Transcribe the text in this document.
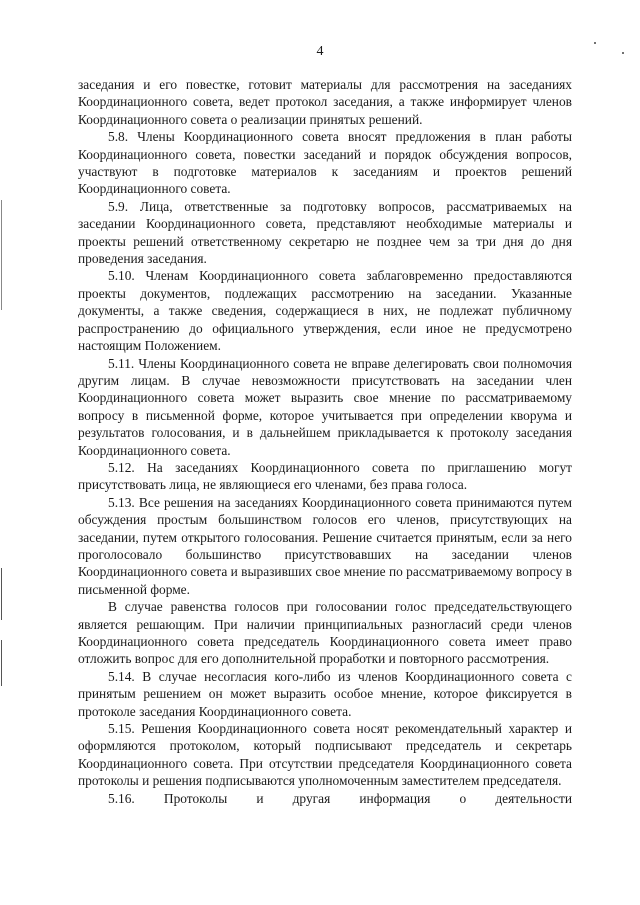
4

заседания и его повестке, готовит материалы для рассмотрения на заседаниях Координационного совета, ведет протокол заседания, а также информирует членов Координационного совета о реализации принятых решений.

5.8. Члены Координационного совета вносят предложения в план работы Координационного совета, повестки заседаний и порядок обсуждения вопросов, участвуют в подготовке материалов к заседаниям и проектов решений Координационного совета.

5.9. Лица, ответственные за подготовку вопросов, рассматриваемых на заседании Координационного совета, представляют необходимые материалы и проекты решений ответственному секретарю не позднее чем за три дня до дня проведения заседания.

5.10. Членам Координационного совета заблаговременно предоставляются проекты документов, подлежащих рассмотрению на заседании. Указанные документы, а также сведения, содержащиеся в них, не подлежат публичному распространению до официального утверждения, если иное не предусмотрено настоящим Положением.

5.11. Члены Координационного совета не вправе делегировать свои полномочия другим лицам. В случае невозможности присутствовать на заседании член Координационного совета может выразить свое мнение по рассматриваемому вопросу в письменной форме, которое учитывается при определении кворума и результатов голосования, и в дальнейшем прикладывается к протоколу заседания Координационного совета.

5.12. На заседаниях Координационного совета по приглашению могут присутствовать лица, не являющиеся его членами, без права голоса.

5.13. Все решения на заседаниях Координационного совета принимаются путем обсуждения простым большинством голосов его членов, присутствующих на заседании, путем открытого голосования. Решение считается принятым, если за него проголосовало большинство присутствовавших на заседании членов Координационного совета и выразивших свое мнение по рассматриваемому вопросу в письменной форме.

В случае равенства голосов при голосовании голос председательствующего является решающим. При наличии принципиальных разногласий среди членов Координационного совета председатель Координационного совета имеет право отложить вопрос для его дополнительной проработки и повторного рассмотрения.

5.14. В случае несогласия кого-либо из членов Координационного совета с принятым решением он может выразить особое мнение, которое фиксируется в протоколе заседания Координационного совета.

5.15. Решения Координационного совета носят рекомендательный характер и оформляются протоколом, который подписывают председатель и секретарь Координационного совета. При отсутствии председателя Координационного совета протоколы и решения подписываются уполномоченным заместителем председателя.

5.16. Протоколы и другая информация о деятельности
